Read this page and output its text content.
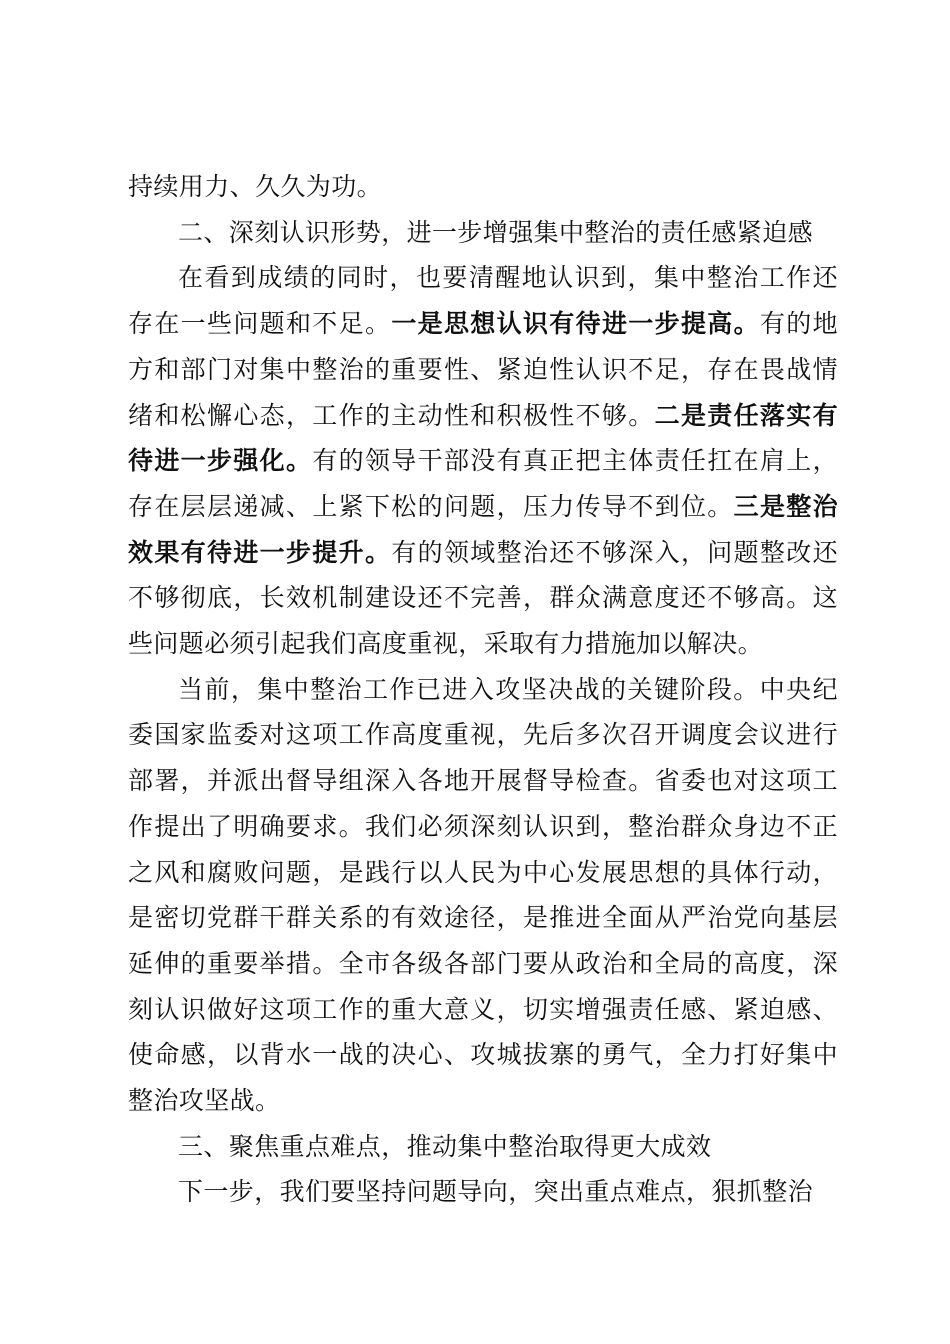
持续用力、久久为功。

二、深刻认识形势，进一步增强集中整治的责任感紧迫感

在看到成绩的同时，也要清醒地认识到，集中整治工作还存在一些问题和不足。一是思想认识有待进一步提高。有的地方和部门对集中整治的重要性、紧迫性认识不足，存在畏战情绪和松懈心态，工作的主动性和积极性不够。二是责任落实有待进一步强化。有的领导干部没有真正把主体责任扛在肩上，存在层层递减、上紧下松的问题，压力传导不到位。三是整治效果有待进一步提升。有的领域整治还不够深入，问题整改还不够彻底，长效机制建设还不完善，群众满意度还不够高。这些问题必须引起我们高度重视，采取有力措施加以解决。

当前，集中整治工作已进入攻坚决战的关键阶段。中央纪委国家监委对这项工作高度重视，先后多次召开调度会议进行部署，并派出督导组深入各地开展督导检查。省委也对这项工作提出了明确要求。我们必须深刻认识到，整治群众身边不正之风和腐败问题，是践行以人民为中心发展思想的具体行动，是密切党群干群关系的有效途径，是推进全面从严治党向基层延伸的重要举措。全市各级各部门要从政治和全局的高度，深刻认识做好这项工作的重大意义，切实增强责任感、紧迫感、使命感，以背水一战的决心、攻城拔寨的勇气，全力打好集中整治攻坚战。

三、聚焦重点难点，推动集中整治取得更大成效

下一步，我们要坚持问题导向，突出重点难点，狠抓整治
